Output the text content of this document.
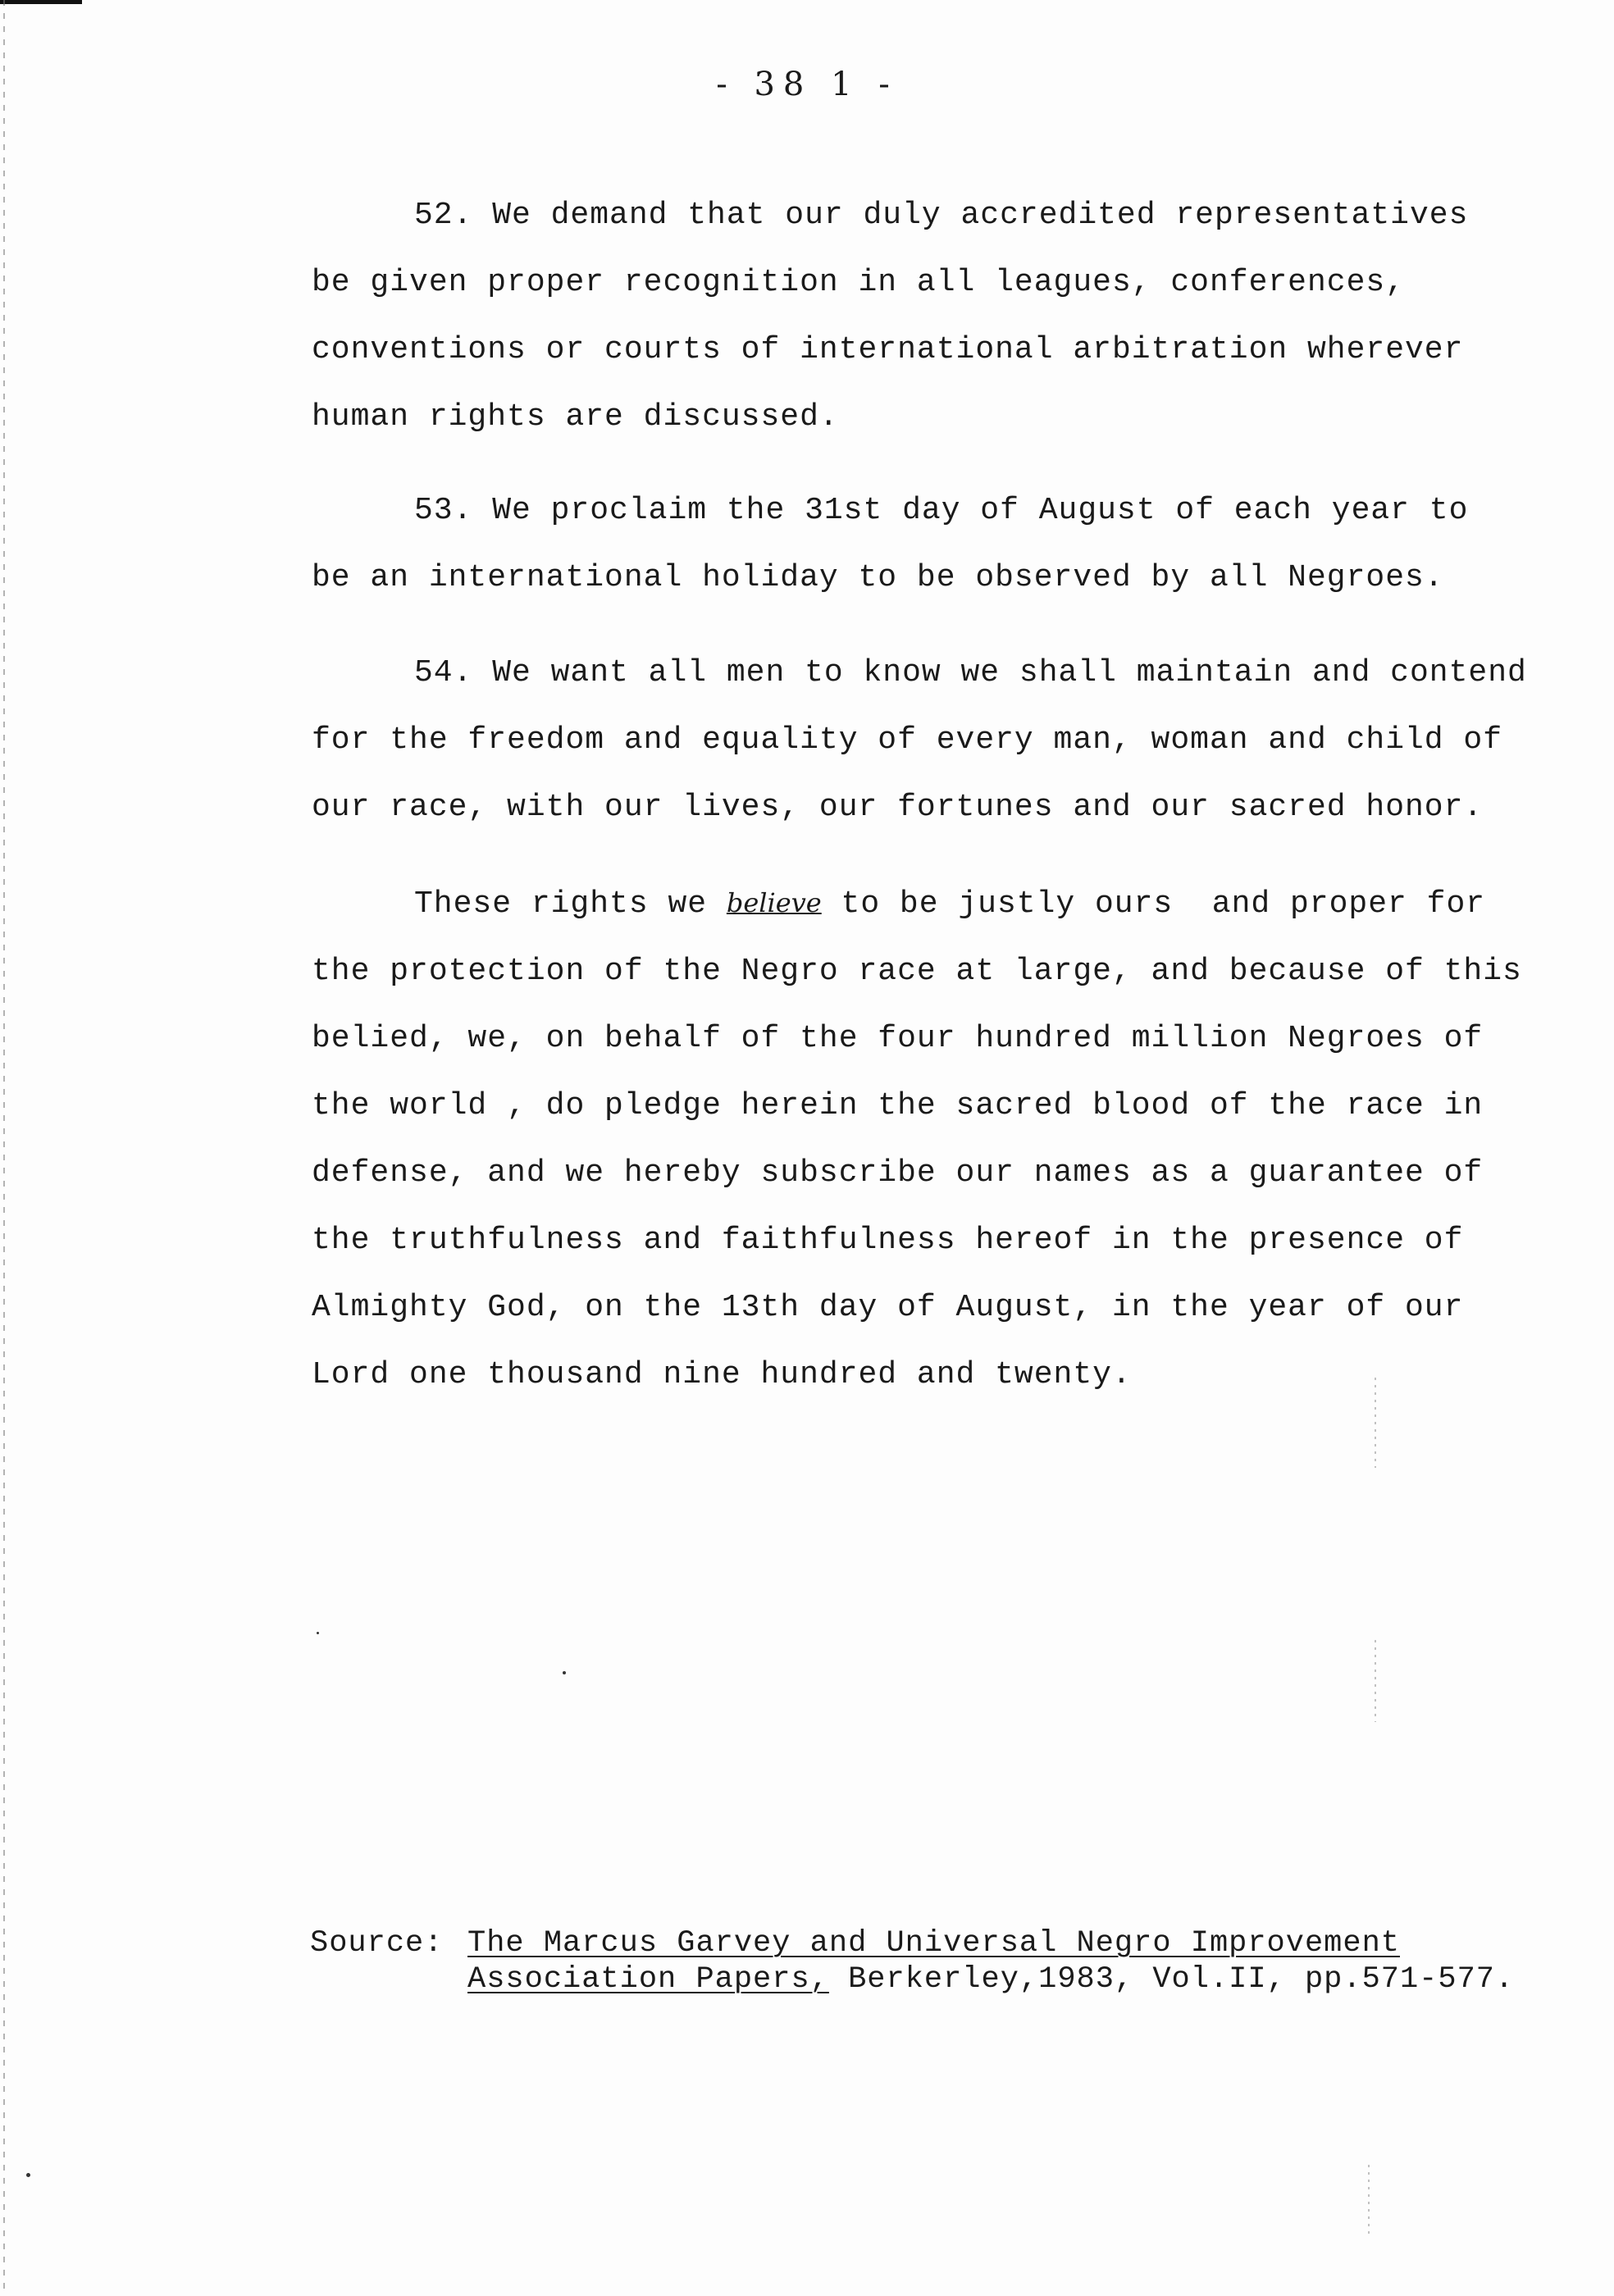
- 38 1 -
52. We demand that our duly accredited representatives
be given proper recognition in all leagues, conferences,
conventions or courts of international arbitration wherever
human rights are discussed.
53. We proclaim the 31st day of August of each year to
be an international holiday to be observed by all Negroes.
54. We want all men to know we shall maintain and contend
for the freedom and equality of every man, woman and child of
our race, with our lives, our fortunes and our sacred honor.
These rights we believe to be justly ours  and proper for
the protection of the Negro race at large, and because of this
belied, we, on behalf of the four hundred million Negroes of
the world , do pledge herein the sacred blood of the race in
defense, and we hereby subscribe our names as a guarantee of
the truthfulness and faithfulness hereof in the presence of
Almighty God, on the 13th day of August, in the year of our
Lord one thousand nine hundred and twenty.
Source: The Marcus Garvey and Universal Negro Improvement
Association Papers, Berkerley,1983, Vol.II, pp.571-577.
